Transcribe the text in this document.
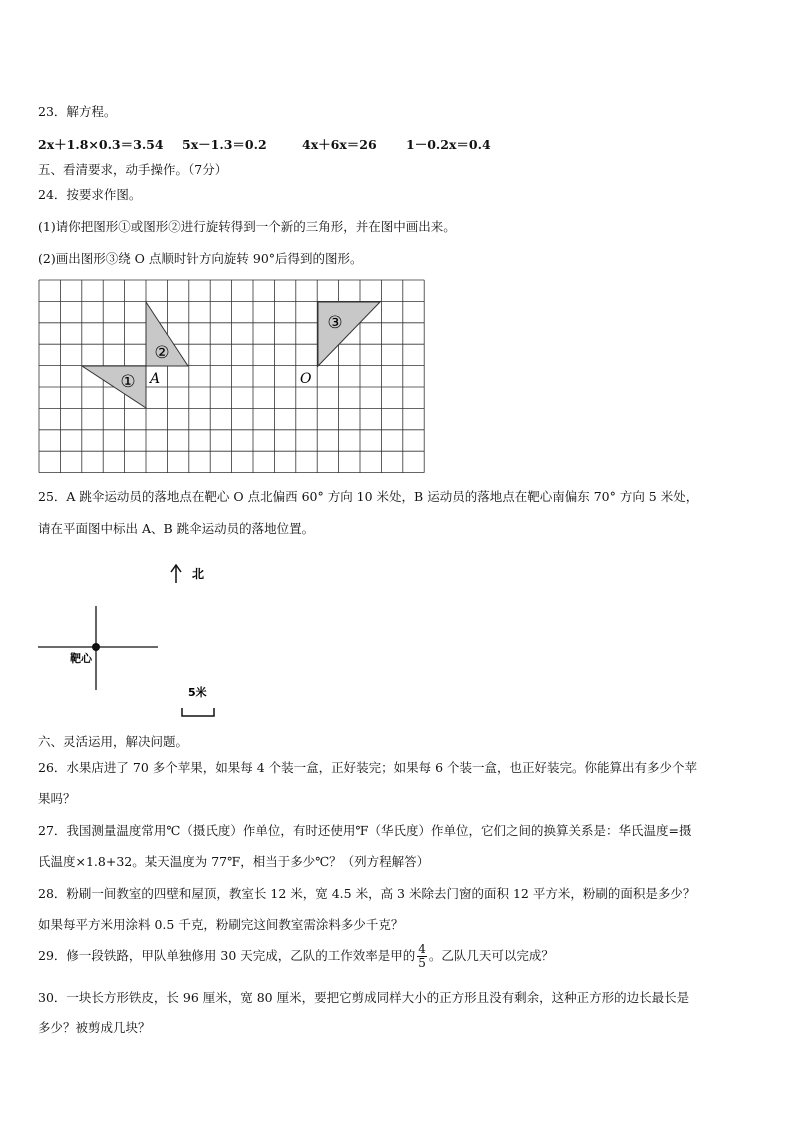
23．解方程。
2x＋1.8×0.3＝3.54 5x－1.3＝0.2	4x＋6x＝26 1－0.2x＝0.4
五、看清要求，动手操作。（7分）
24．按要求作图。
(1)请你把图形①或图形②进行旋转得到一个新的三角形，并在图中画出来。
(2)画出图形③绕 O 点顺时针方向旋转 90°后得到的图形。
①
②
③
A	O
25．A 跳伞运动员的落地点在靶心 O 点北偏西 60° 方向 10 米处，B 运动员的落地点在靶心南偏东 70° 方向 5 米处，
请在平面图中标出 A、B 跳伞运动员的落地位置。
北
靶心
5米
六、灵活运用，解决问题。
26．水果店进了 70 多个苹果，如果每 4 个装一盒，正好装完；如果每 6 个装一盒，也正好装完。你能算出有多少个苹
果吗？
27．我国测量温度常用℃（摄氏度）作单位，有时还使用℉（华氏度）作单位，它们之间的换算关系是：华氏温度=摄
氏温度×1.8+32。某天温度为 77℉，相当于多少℃？（列方程解答）
28．粉刷一间教室的四壁和屋顶，教室长 12 米，宽 4.5 米，高 3 米除去门窗的面积 12 平方米，粉刷的面积是多少？
如果每平方米用涂料 0.5 千克，粉刷完这间教室需涂料多少千克？
29．修一段铁路，甲队单独修用 30 天完成，乙队的工作效率是甲的 $\frac{4}{5}$ 。乙队几天可以完成？
30．一块长方形铁皮，长 96 厘米，宽 80 厘米，要把它剪成同样大小的正方形且没有剩余，这种正方形的边长最长是
多少？被剪成几块？
